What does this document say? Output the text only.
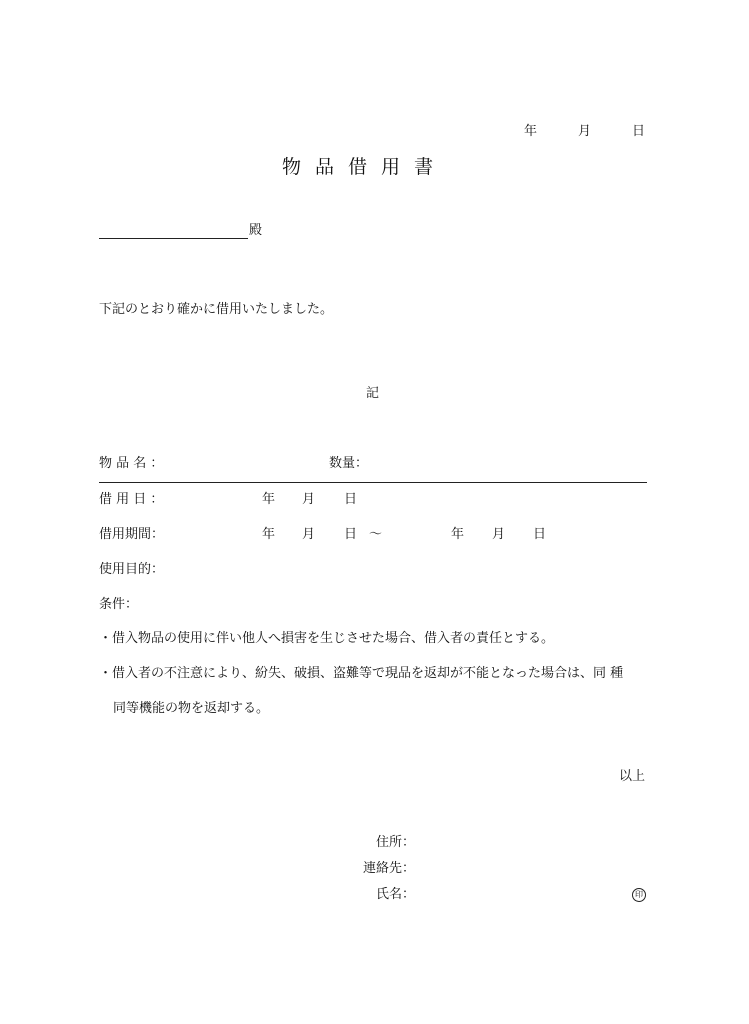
年	月	日
物品借用書
殿
下記のとおり確かに借用いたしました。
記
物 品 名 ：	数量：
借 用 日 ：	年 月 日
借用期間：	年 月 日 ～	年 月 日
使用目的：
条件：
・借入物品の使用に伴い他人へ損害を生じさせた場合、借入者の責任とする。
・借入者の不注意により、紛失、破損、盗難等で現品を返却が不能となった場合は、同 種
同等機能の物を返却する。
以上
住所：
連絡先：
氏名：	印
